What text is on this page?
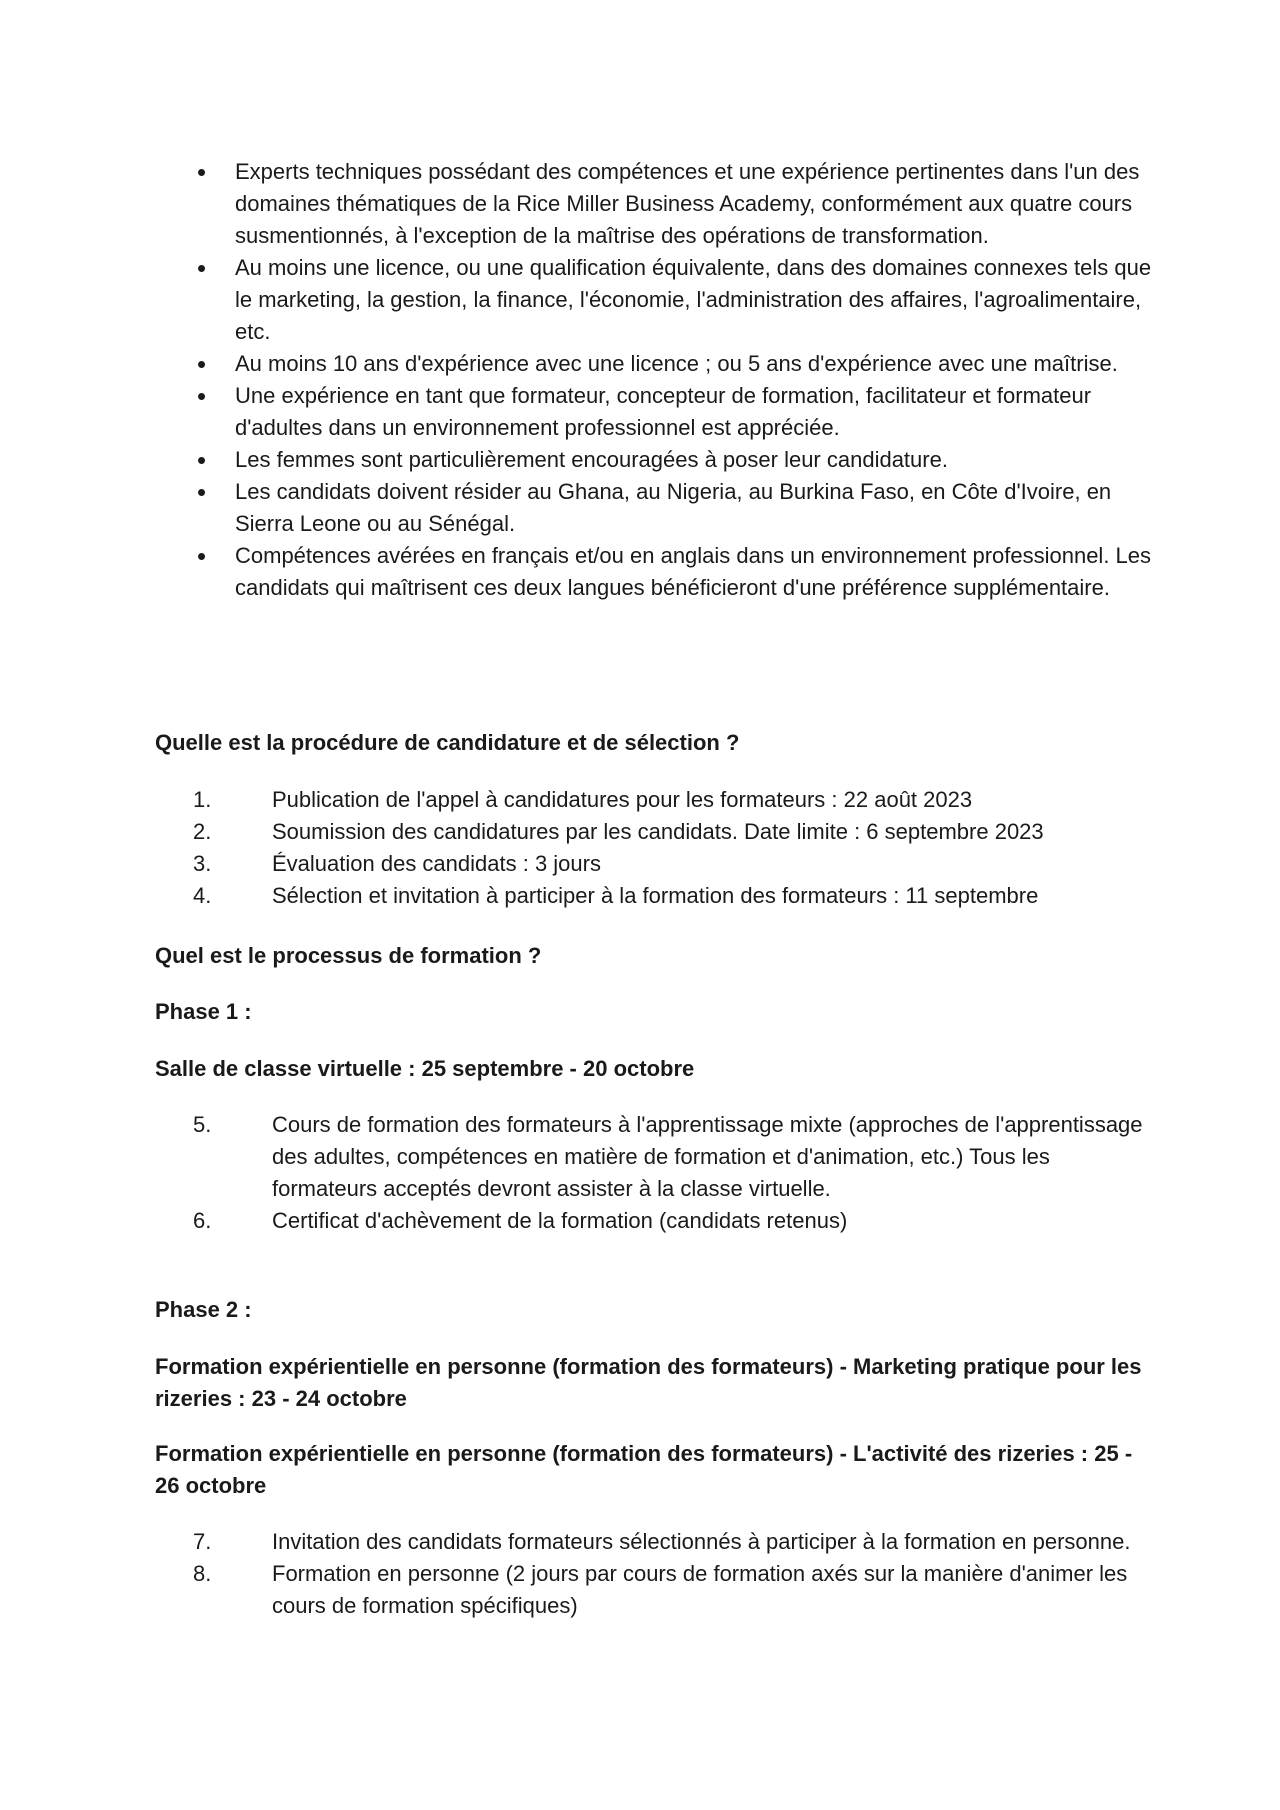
• Experts techniques possédant des compétences et une expérience pertinentes dans l'un des domaines thématiques de la Rice Miller Business Academy, conformément aux quatre cours susmentionnés, à l'exception de la maîtrise des opérations de transformation.
• Au moins une licence, ou une qualification équivalente, dans des domaines connexes tels que le marketing, la gestion, la finance, l'économie, l'administration des affaires, l'agroalimentaire, etc.
• Au moins 10 ans d'expérience avec une licence ; ou 5 ans d'expérience avec une maîtrise.
• Une expérience en tant que formateur, concepteur de formation, facilitateur et formateur d'adultes dans un environnement professionnel est appréciée.
• Les femmes sont particulièrement encouragées à poser leur candidature.
• Les candidats doivent résider au Ghana, au Nigeria, au Burkina Faso, en Côte d'Ivoire, en Sierra Leone ou au Sénégal.
• Compétences avérées en français et/ou en anglais dans un environnement professionnel. Les candidats qui maîtrisent ces deux langues bénéficieront d'une préférence supplémentaire.
Quelle est la procédure de candidature et de sélection ?
1.	Publication de l'appel à candidatures pour les formateurs : 22 août 2023
2.	Soumission des candidatures par les candidats. Date limite : 6 septembre 2023
3.	Évaluation des candidats : 3 jours
4.	Sélection et invitation à participer à la formation des formateurs : 11 septembre
Quel est le processus de formation ?
Phase 1 :
Salle de classe virtuelle : 25 septembre - 20 octobre
5.	Cours de formation des formateurs à l'apprentissage mixte (approches de l'apprentissage des adultes, compétences en matière de formation et d'animation, etc.) Tous les formateurs acceptés devront assister à la classe virtuelle.
6.	Certificat d'achèvement de la formation (candidats retenus)
Phase 2 :
Formation expérientielle en personne (formation des formateurs) - Marketing pratique pour les rizeries : 23 - 24 octobre
Formation expérientielle en personne (formation des formateurs) - L'activité des rizeries : 25 - 26 octobre
7.	Invitation des candidats formateurs sélectionnés à participer à la formation en personne.
8.	Formation en personne (2 jours par cours de formation axés sur la manière d'animer les cours de formation spécifiques)
